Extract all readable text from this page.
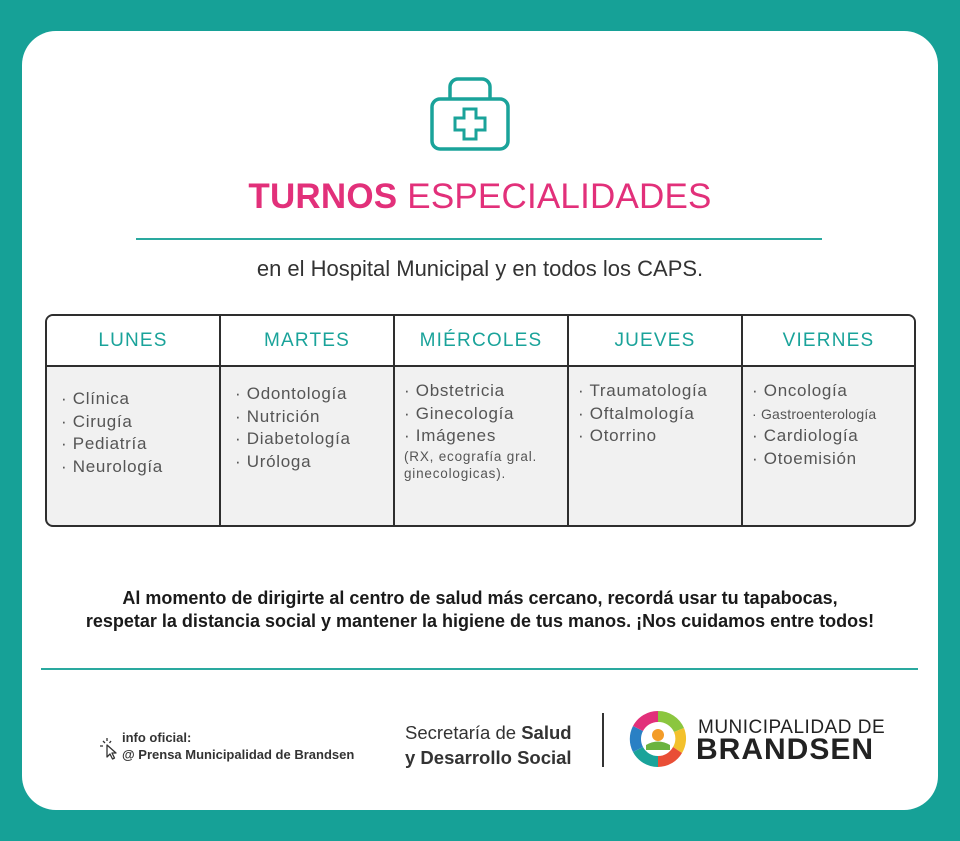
TURNOS ESPECIALIDADES
en el Hospital Municipal y en todos los CAPS.
LUNES
· Clínica
· Cirugía
· Pediatría
· Neurología
MARTES
· Odontología
· Nutrición
· Diabetología
· Uróloga
MIÉRCOLES
· Obstetricia
· Ginecología
· Imágenes
(RX, ecografía gral.
ginecologicas).
JUEVES
· Traumatología
· Oftalmología
· Otorrino
VIERNES
· Oncología
· Gastroenterología
· Cardiología
· Otoemisión
Al momento de dirigirte al centro de salud más cercano, recordá usar tu tapabocas,
respetar la distancia social y mantener la higiene de tus manos. ¡Nos cuidamos entre todos!
info oficial:
@ Prensa Municipalidad de Brandsen
Secretaría de Salud
y Desarrollo Social
MUNICIPALIDAD DE
BRANDSEN
